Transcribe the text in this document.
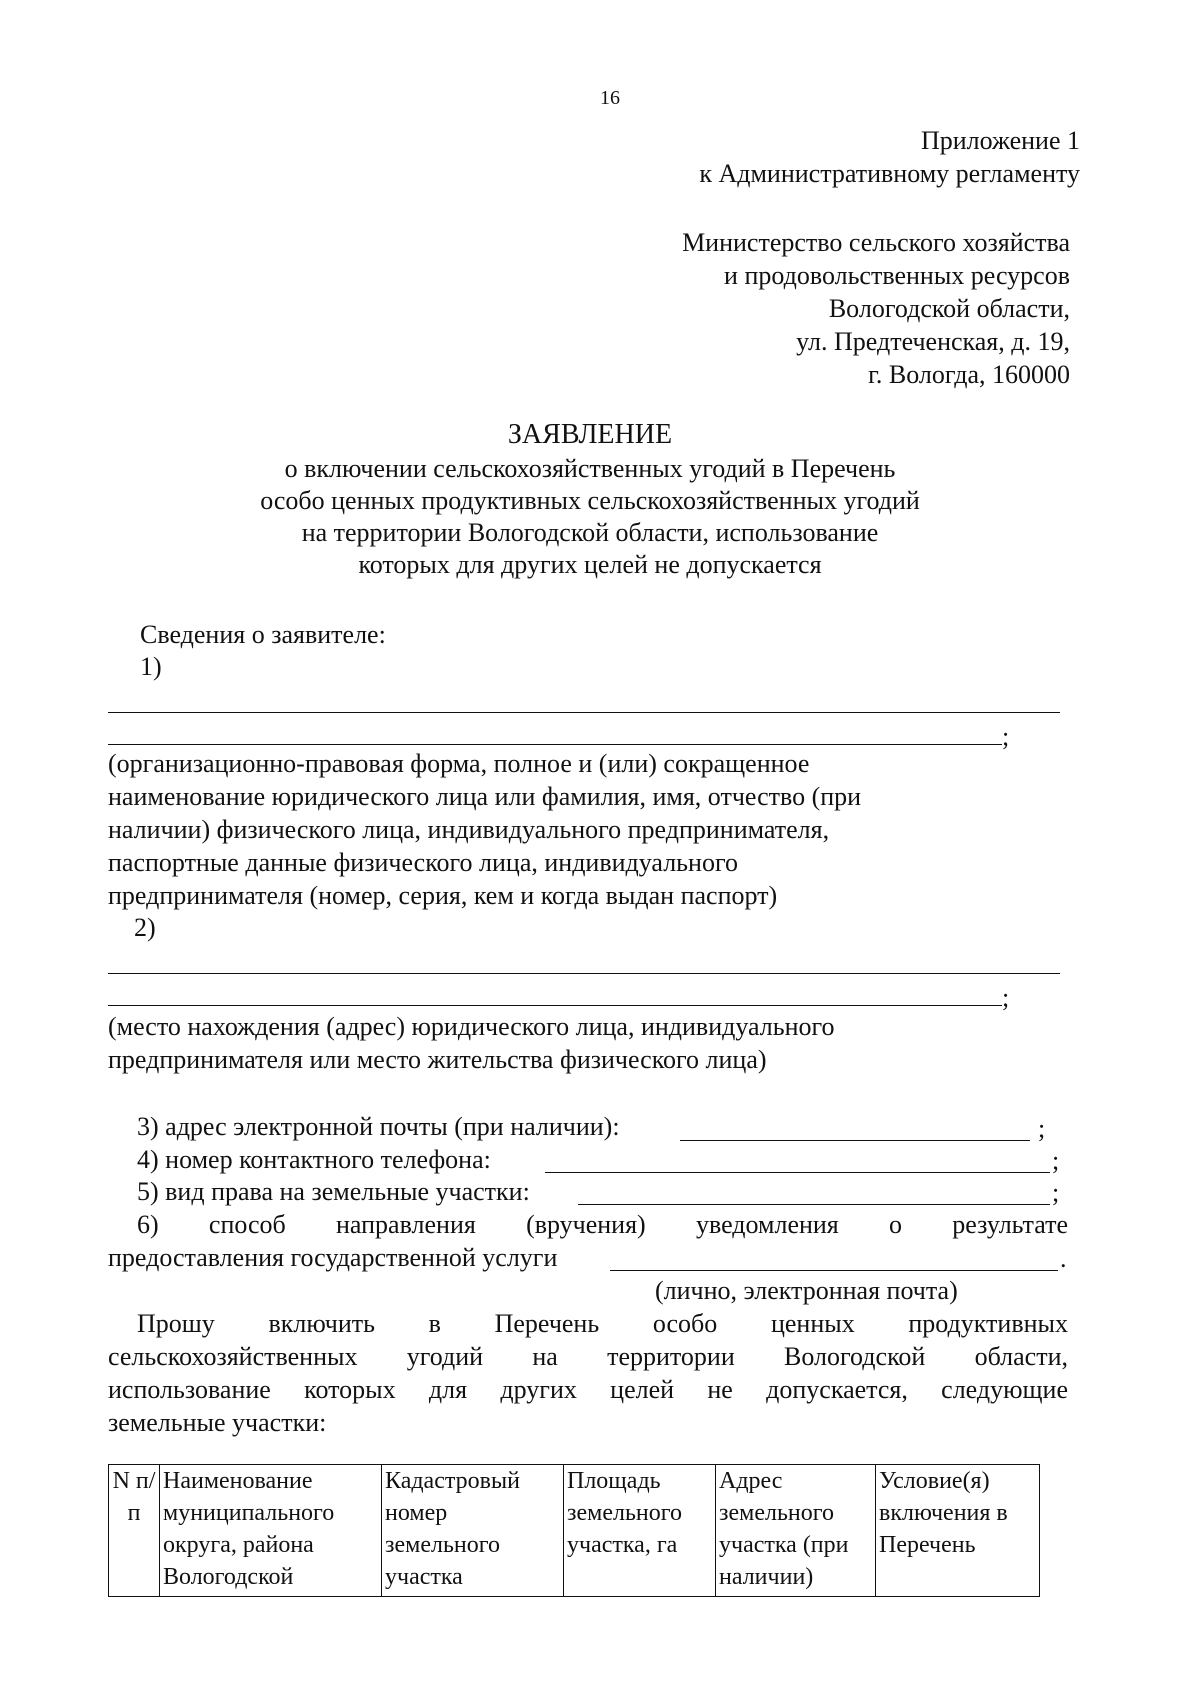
16
Приложение 1
к Административному регламенту
Министерство сельского хозяйства
и продовольственных ресурсов
Вологодской области,
ул. Предтеченская, д. 19,
г. Вологда, 160000
ЗАЯВЛЕНИЕ
о включении сельскохозяйственных угодий в Перечень
особо ценных продуктивных сельскохозяйственных угодий
на территории Вологодской области, использование
которых для других целей не допускается
Сведения о заявителе:
1)
;
(организационно-правовая форма, полное и (или) сокращенное
наименование юридического лица или фамилия, имя, отчество (при
наличии) физического лица, индивидуального предпринимателя,
паспортные данные физического лица, индивидуального
предпринимателя (номер, серия, кем и когда выдан паспорт)
2)
;
(место нахождения (адрес) юридического лица, индивидуального
предпринимателя или место жительства физического лица)
3) адрес электронной почты (при наличии):	;
4) номер контактного телефона:	;
5) вид права на земельные участки:	;
6) способ направления (вручения) уведомления о результате
предоставления государственной услуги	.
(лично, электронная почта)
Прошу включить в Перечень особо ценных продуктивных
сельскохозяйственных угодий на территории Вологодской области,
использование которых для других целей не допускается, следующие
земельные участки:
N п/п	Наименование муниципального округа, района Вологодской	Кадастровый номер земельного участка	Площадь земельного участка, га	Адрес земельного участка (при наличии)	Условие(я) включения в Перечень
